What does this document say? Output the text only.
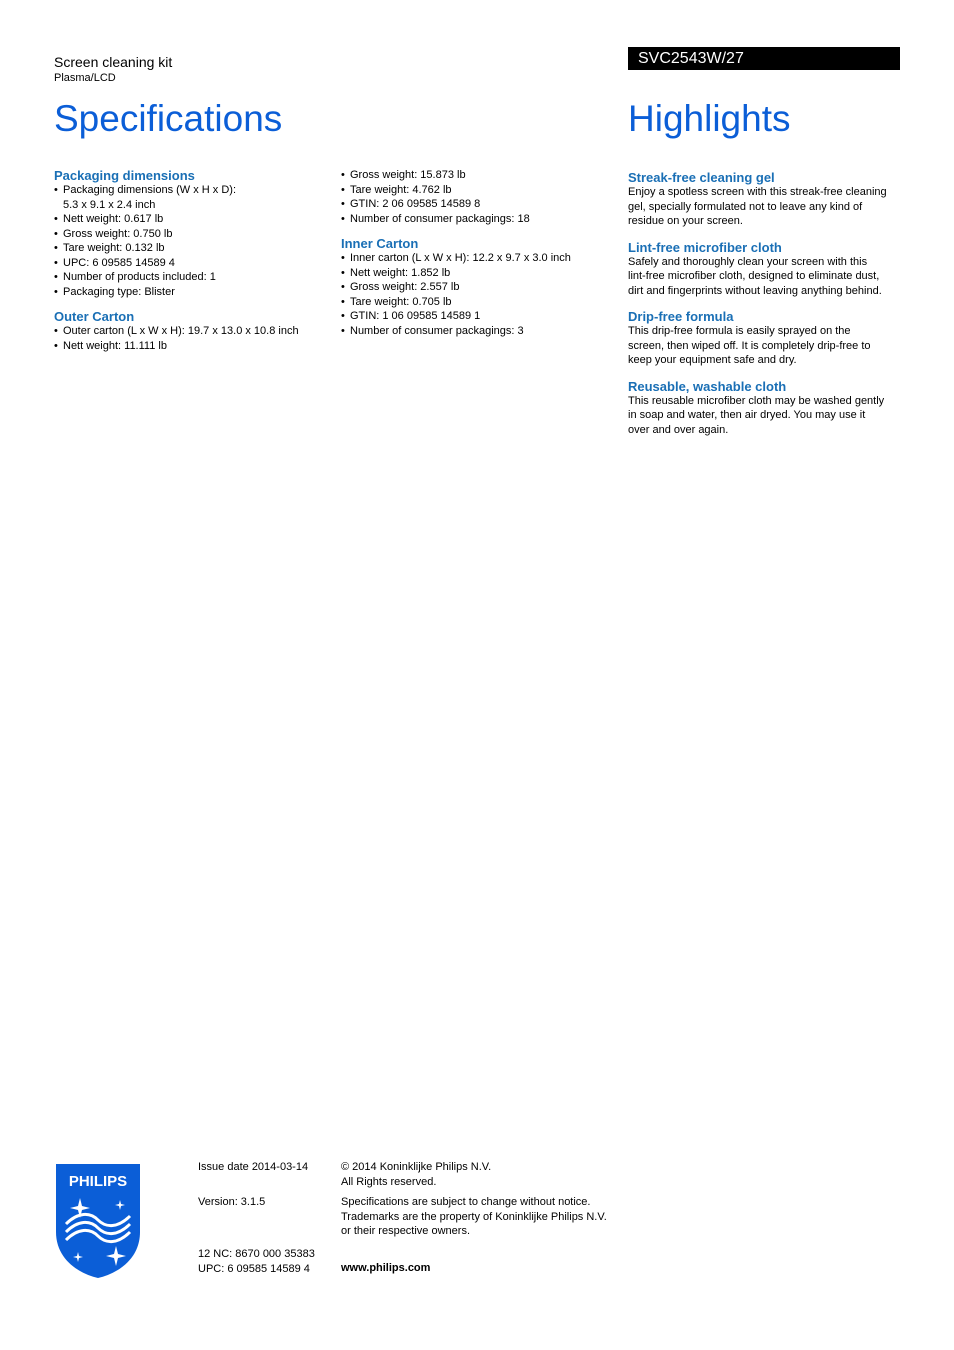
Screen cleaning kit
Plasma/LCD
SVC2543W/27
Specifications	Highlights
Packaging dimensions
• Packaging dimensions (W x H x D):
5.3 x 9.1 x 2.4 inch
• Nett weight: 0.617 lb
• Gross weight: 0.750 lb
• Tare weight: 0.132 lb
• UPC: 6 09585 14589 4
• Number of products included: 1
• Packaging type: Blister
Outer Carton
• Outer carton (L x W x H): 19.7 x 13.0 x 10.8 inch
• Nett weight: 11.111 lb
• Gross weight: 15.873 lb
• Tare weight: 4.762 lb
• GTIN: 2 06 09585 14589 8
• Number of consumer packagings: 18
Inner Carton
• Inner carton (L x W x H): 12.2 x 9.7 x 3.0 inch
• Nett weight: 1.852 lb
• Gross weight: 2.557 lb
• Tare weight: 0.705 lb
• GTIN: 1 06 09585 14589 1
• Number of consumer packagings: 3
Streak-free cleaning gel

Enjoy a spotless screen with this streak-free cleaning
gel, specially formulated not to leave any kind of
residue on your screen.

Lint-free microfiber cloth

Safely and thoroughly clean your screen with this
lint-free microfiber cloth, designed to eliminate dust,
dirt and fingerprints without leaving anything behind.

Drip-free formula

This drip-free formula is easily sprayed on the
screen, then wiped off. It is completely drip-free to
keep your equipment safe and dry.

Reusable, washable cloth

This reusable microfiber cloth may be washed gently
in soap and water, then air dryed. You may use it
over and over again.

PHILIPS
Issue date 2014-03-14	© 2014 Koninklijke Philips N.V.
All Rights reserved.
Version: 3.1.5	Specifications are subject to change without notice.
Trademarks are the property of Koninklijke Philips N.V.
or their respective owners.
12 NC: 8670 000 35383
UPC: 6 09585 14589 4	www.philips.com
